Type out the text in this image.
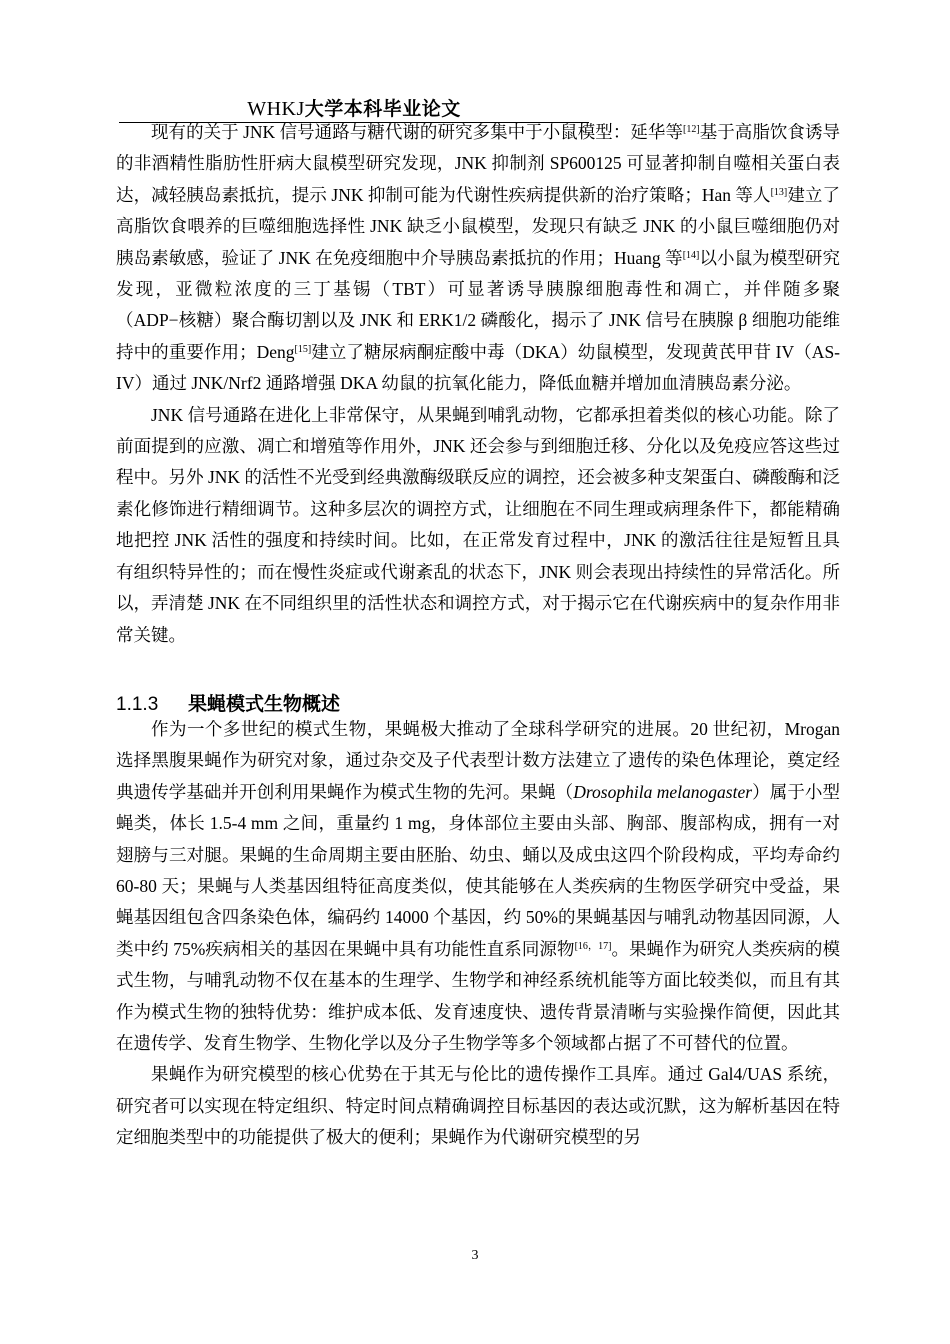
WHKJ大学本科毕业论文

现有的关于 JNK 信号通路与糖代谢的研究多集中于小鼠模型：延华等[12]基于高脂饮食诱导的非酒精性脂肪性肝病大鼠模型研究发现，JNK 抑制剂 SP600125 可显著抑制自噬相关蛋白表达，减轻胰岛素抵抗，提示 JNK 抑制可能为代谢性疾病提供新的治疗策略；Han 等人[13]建立了高脂饮食喂养的巨噬细胞选择性 JNK 缺乏小鼠模型，发现只有缺乏 JNK 的小鼠巨噬细胞仍对胰岛素敏感，验证了 JNK 在免疫细胞中介导胰岛素抵抗的作用；Huang 等[14]以小鼠为模型研究发现，亚微粒浓度的三丁基锡（TBT）可显著诱导胰腺细胞毒性和凋亡，并伴随多聚（ADP−核糖）聚合酶切割以及 JNK 和 ERK1/2 磷酸化，揭示了 JNK 信号在胰腺 β 细胞功能维持中的重要作用；Deng[15]建立了糖尿病酮症酸中毒（DKA）幼鼠模型，发现黄芪甲苷 IV（AS-IV）通过 JNK/Nrf2 通路增强 DKA 幼鼠的抗氧化能力，降低血糖并增加血清胰岛素分泌。

JNK 信号通路在进化上非常保守，从果蝇到哺乳动物，它都承担着类似的核心功能。除了前面提到的应激、凋亡和增殖等作用外，JNK 还会参与到细胞迁移、分化以及免疫应答这些过程中。另外 JNK 的活性不光受到经典激酶级联反应的调控，还会被多种支架蛋白、磷酸酶和泛素化修饰进行精细调节。这种多层次的调控方式，让细胞在不同生理或病理条件下，都能精确地把控 JNK 活性的强度和持续时间。比如，在正常发育过程中，JNK 的激活往往是短暂且具有组织特异性的；而在慢性炎症或代谢紊乱的状态下，JNK 则会表现出持续性的异常活化。所以，弄清楚 JNK 在不同组织里的活性状态和调控方式，对于揭示它在代谢疾病中的复杂作用非常关键。

1.1.3 果蝇模式生物概述

作为一个多世纪的模式生物，果蝇极大推动了全球科学研究的进展。20 世纪初，Mrogan 选择黑腹果蝇作为研究对象，通过杂交及子代表型计数方法建立了遗传的染色体理论，奠定经典遗传学基础并开创利用果蝇作为模式生物的先河。果蝇（Drosophila melanogaster）属于小型蝇类，体长 1.5-4 mm 之间，重量约 1 mg，身体部位主要由头部、胸部、腹部构成，拥有一对翅膀与三对腿。果蝇的生命周期主要由胚胎、幼虫、蛹以及成虫这四个阶段构成，平均寿命约 60-80 天；果蝇与人类基因组特征高度类似，使其能够在人类疾病的生物医学研究中受益，果蝇基因组包含四条染色体，编码约 14000 个基因，约 50%的果蝇基因与哺乳动物基因同源，人类中约 75%疾病相关的基因在果蝇中具有功能性直系同源物[16，17]。果蝇作为研究人类疾病的模式生物，与哺乳动物不仅在基本的生理学、生物学和神经系统机能等方面比较类似，而且有其作为模式生物的独特优势：维护成本低、发育速度快、遗传背景清晰与实验操作简便，因此其在遗传学、发育生物学、生物化学以及分子生物学等多个领域都占据了不可替代的位置。

果蝇作为研究模型的核心优势在于其无与伦比的遗传操作工具库。通过 Gal4/UAS 系统，研究者可以实现在特定组织、特定时间点精确调控目标基因的表达或沉默，这为解析基因在特定细胞类型中的功能提供了极大的便利；果蝇作为代谢研究模型的另

3
